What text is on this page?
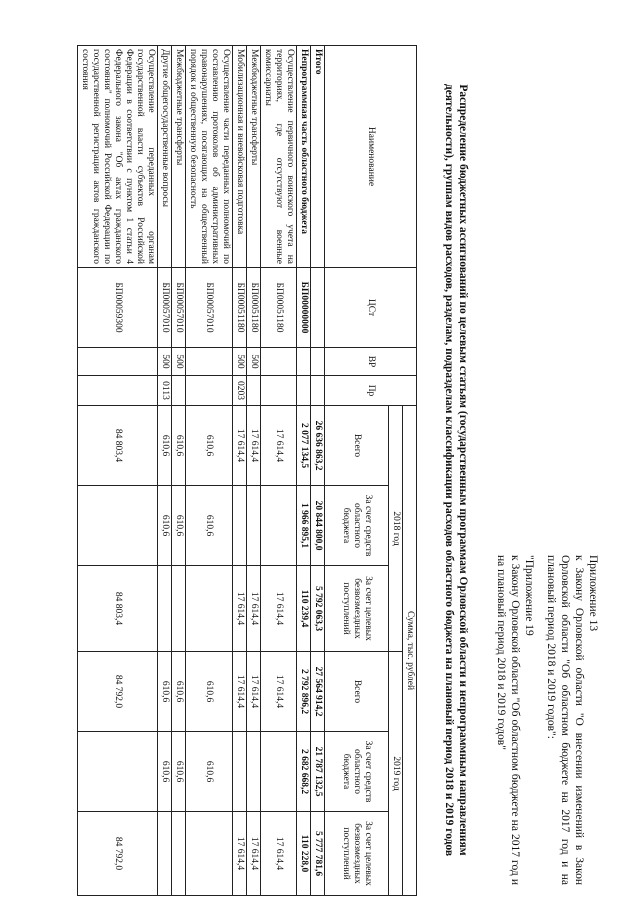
Приложение 13

к Закону Орловской области "О внесении изменений в Закон Орловской области "Об областном бюджете на 2017 год и на плановый период 2018 и 2019 годов":

"Приложение 19

к Закону Орловской области "Об областном бюджете на 2017 год и на плановый период 2018 и 2019 годов"

Распределение бюджетных ассигнований по целевым статьям (государственным программам Орловской области и непрограммным направлениям деятельности), группам видов расходов, разделам, подразделам классификации расходов областного бюджета на плановый период 2018 и 2019 годов
Наименование	ЦСт	ВР	Пр	Сумма, тыс. рублей					
				2018 год			2019 год		
				Всего	За счет средств областного бюджета	За счет целевых безвозмездных поступлений	Всего	За счет средств областного бюджета	За счет целевых безвозмездных поступлений
Итого				26 636 863,2	20 844 800,0	5 792 063,3	27 564 914,2	21 787 132,5	5 777 781,6
Непрограммная часть областного бюджета	БП00000000			2 077 134,5	1 966 895,1	110 239,4	2 792 896,2	2 682 668,2	110 228,0
Осуществление первичного воинского учета на территориях, где отсутствуют военные комиссариаты	БП00051180			17 614,4		17 614,4	17 614,4		17 614,4
Межбюджетные трансферты	БП00051180	500		17 614,4		17 614,4	17 614,4		17 614,4
Мобилизационная и вневойсковая подготовка	БП00051180	500	0203	17 614,4		17 614,4	17 614,4		17 614,4
Осуществление части переданных полномочий по составлению протоколов об административных правонарушениях, посягающих на общественный порядок и общественную безопасность	БП00057010			610,6	610,6		610,6	610,6	
Межбюджетные трансферты	БП00057010	500		610,6	610,6		610,6	610,6	
Другие общегосударственные вопросы	БП00057010	500	0113	610,6	610,6		610,6	610,6	
Осуществление переданных органам государственной власти субъектов Российской Федерации в соответствии с пунктом 1 статьи 4 Федерального закона "Об актах гражданского состояния" полномочий Российской Федерации по государственной регистрации актов гражданского состояния	БП00059300			84 803,4		84 803,4	84 792,0		84 792,0
